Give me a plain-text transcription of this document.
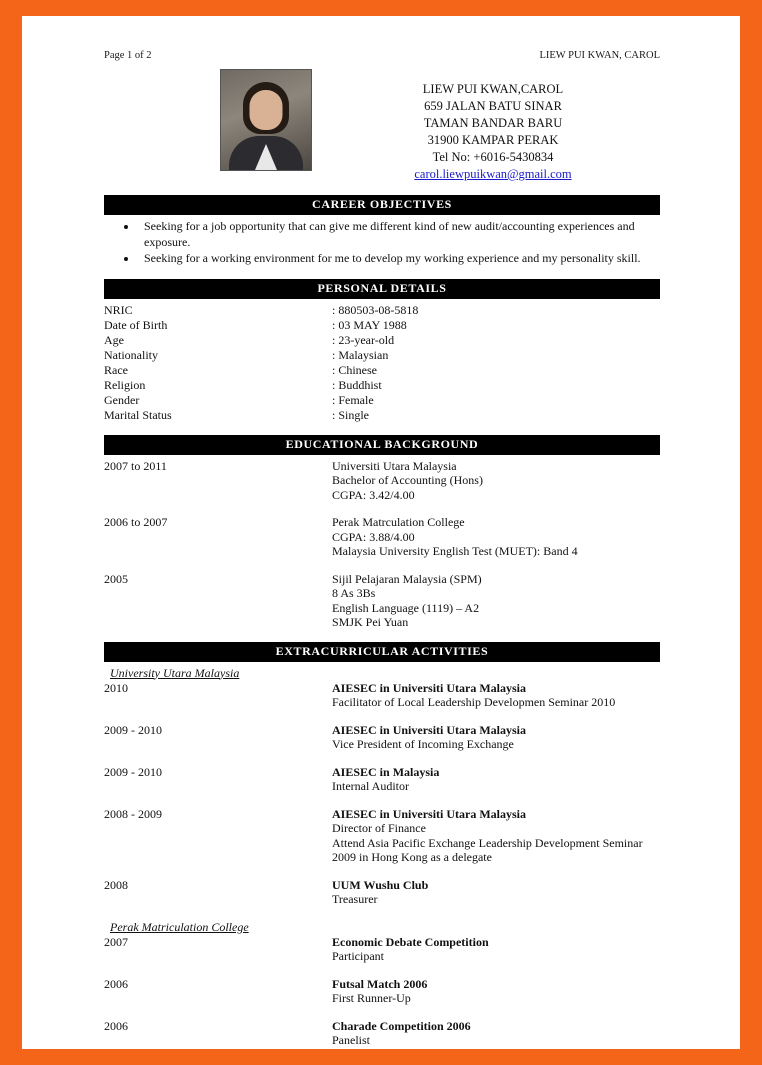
Page 1 of 2	LIEW PUI KWAN, CAROL
LIEW PUI KWAN,CAROL
659 JALAN BATU SINAR
TAMAN BANDAR BARU
31900 KAMPAR PERAK
Tel No: +6016-5430834
carol.liewpuikwan@gmail.com
CAREER OBJECTIVES
• Seeking for a job opportunity that can give me different kind of new audit/accounting experiences and exposure.
• Seeking for a working environment for me to develop my working experience and my personality skill.
PERSONAL DETAILS
NRIC	: 880503-08-5818
Date of Birth	: 03 MAY 1988
Age	: 23-year-old
Nationality	: Malaysian
Race	: Chinese
Religion	: Buddhist
Gender	: Female
Marital Status	: Single
EDUCATIONAL BACKGROUND
2007 to 2011	Universiti Utara Malaysia
Bachelor of Accounting (Hons)
CGPA: 3.42/4.00

2006 to 2007	Perak Matrculation College
CGPA: 3.88/4.00
Malaysia University English Test (MUET): Band 4

2005	Sijil Pelajaran Malaysia (SPM)
8 As 3Bs
English Language (1119) – A2
SMJK Pei Yuan
EXTRACURRICULAR ACTIVITIES
University Utara Malaysia
2010	AIESEC in Universiti Utara Malaysia
Facilitator of Local Leadership Developmen Seminar 2010

2009 - 2010	AIESEC in Universiti Utara Malaysia
Vice President of Incoming Exchange

2009 - 2010	AIESEC in Malaysia
Internal Auditor

2008 - 2009	AIESEC in Universiti Utara Malaysia
Director of Finance
Attend Asia Pacific Exchange Leadership Development Seminar 2009 in Hong Kong as a delegate

2008	UUM Wushu Club
Treasurer
Perak Matriculation College
2007	Economic Debate Competition
Participant

2006	Futsal Match 2006
First Runner-Up

2006	Charade Competition 2006
Panelist
